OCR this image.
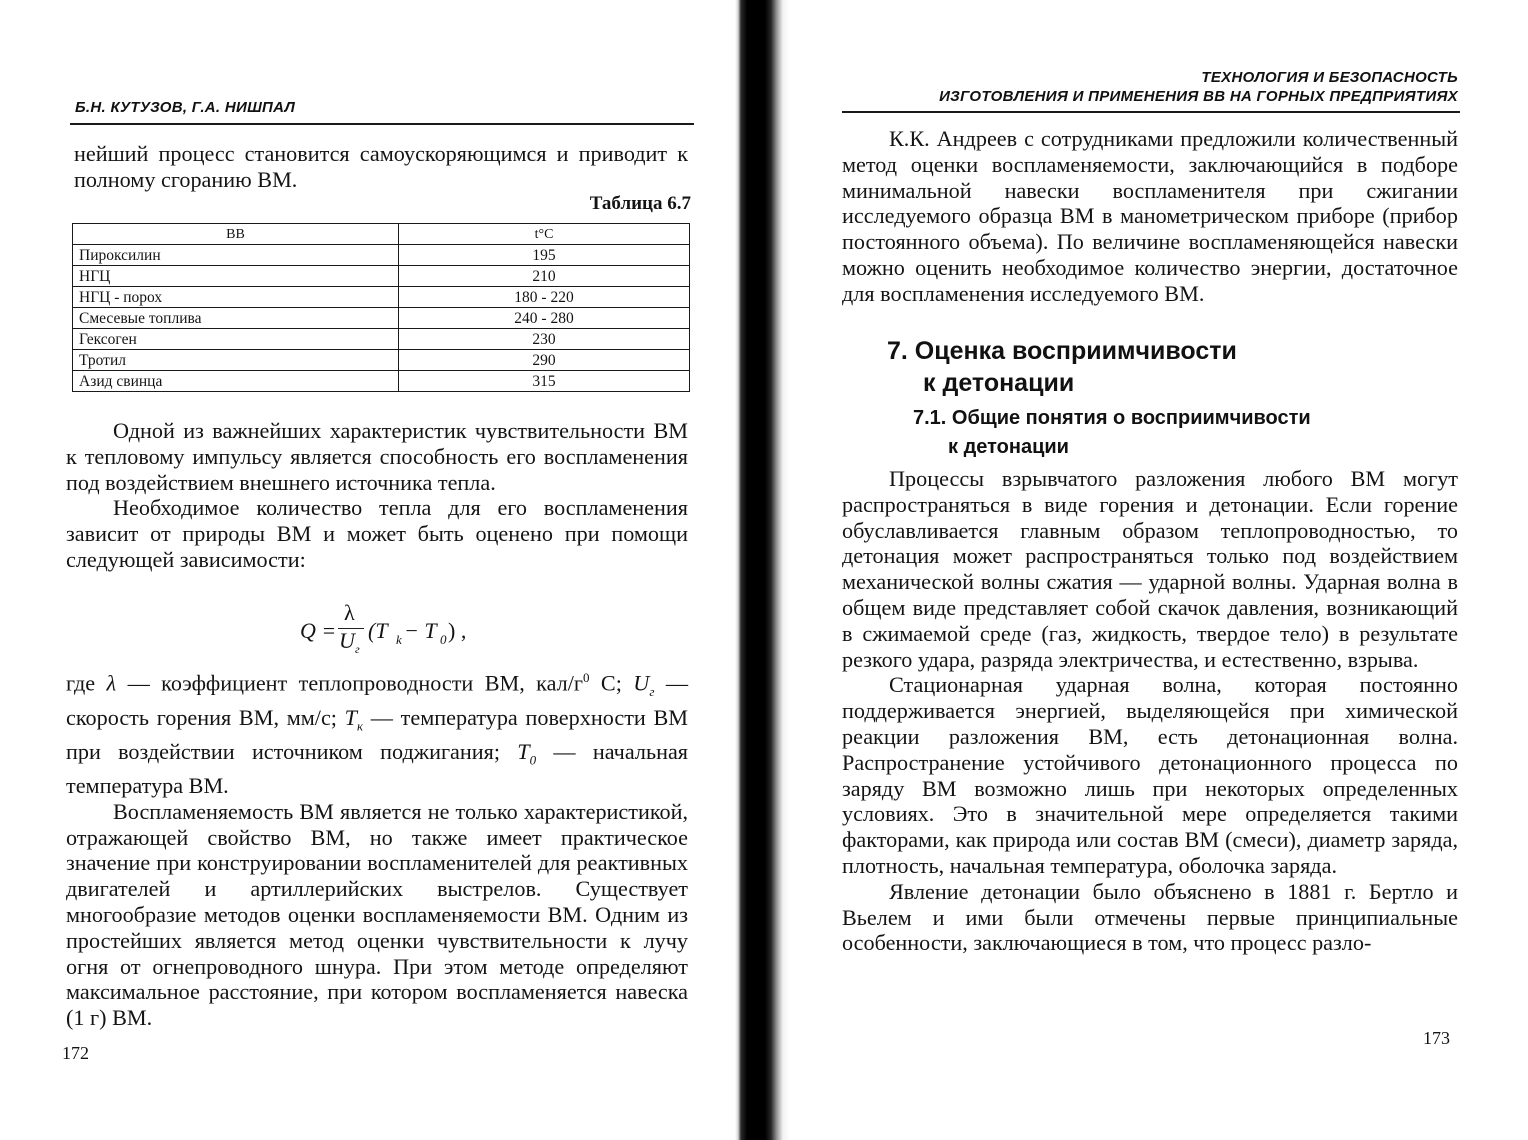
Б.Н. КУТУЗОВ, Г.А. НИШПАЛ

нейший процесс становится самоускоряющимся и приводит к полному сгоранию ВМ.

Таблица 6.7
ВВ	t°С
Пироксилин	195
НГЦ	210
НГЦ - порох	180 - 220
Смесевые топлива	240 - 280
Гексоген	230
Тротил	290
Азид свинца	315

Одной из важнейших характеристик чувствительности ВМ к тепловому импульсу является способность его воспламенения под воздействием внешнего источника тепла.

Необходимое количество тепла для его воспламенения зависит от природы ВМ и может быть оценено при помощи следующей зависимости:

Q =
λ
U г
(T k − T 0 ) ,

где λ — коэффициент теплопроводности ВМ, кал/$г^0$ С; $U_г$ — скорость горения ВМ, мм/с; $T_к$ — температура поверхности ВМ при воздействии источником поджигания; $T_0$ — начальная температура ВМ.

Воспламеняемость ВМ является не только характеристикой, отражающей свойство ВМ, но также имеет практическое значение при конструировании воспламенителей для реактивных двигателей и артиллерийских выстрелов. Существует многообразие методов оценки воспламеняемости ВМ. Одним из простейших является метод оценки чувствительности к лучу огня от огнепроводного шнура. При этом методе определяют максимальное расстояние, при котором воспламеняется навеска (1 г) ВМ.

172
ТЕХНОЛОГИЯ И БЕЗОПАСНОСТЬ
ИЗГОТОВЛЕНИЯ И ПРИМЕНЕНИЯ ВВ НА ГОРНЫХ ПРЕДПРИЯТИЯХ

К.К. Андреев с сотрудниками предложили количественный метод оценки воспламеняемости, заключающийся в подборе минимальной навески воспламенителя при сжигании исследуемого образца ВМ в манометрическом приборе (прибор постоянного объема). По величине воспламеняющейся навески можно оценить необходимое количество энергии, достаточное для воспламенения исследуемого ВМ.

7. Оценка восприимчивости
к детонации
7.1. Общие понятия о восприимчивости
к детонации

Процессы взрывчатого разложения любого ВМ могут распространяться в виде горения и детонации. Если горение обуславливается главным образом теплопроводностью, то детонация может распространяться только под воздействием механической волны сжатия — ударной волны. Ударная волна в общем виде представляет собой скачок давления, возникающий в сжимаемой среде (газ, жидкость, твердое тело) в результате резкого удара, разряда электричества, и естественно, взрыва.

Стационарная ударная волна, которая постоянно поддерживается энергией, выделяющейся при химической реакции разложения ВМ, есть детонационная волна. Распространение устойчивого детонационного процесса по заряду ВМ возможно лишь при некоторых определенных условиях. Это в значительной мере определяется такими факторами, как природа или состав ВМ (смеси), диаметр заряда, плотность, начальная температура, оболочка заряда.

Явление детонации было объяснено в 1881 г. Бертло и Вьелем и ими были отмечены первые принципиальные особенности, заключающиеся в том, что процесс разло-

173
